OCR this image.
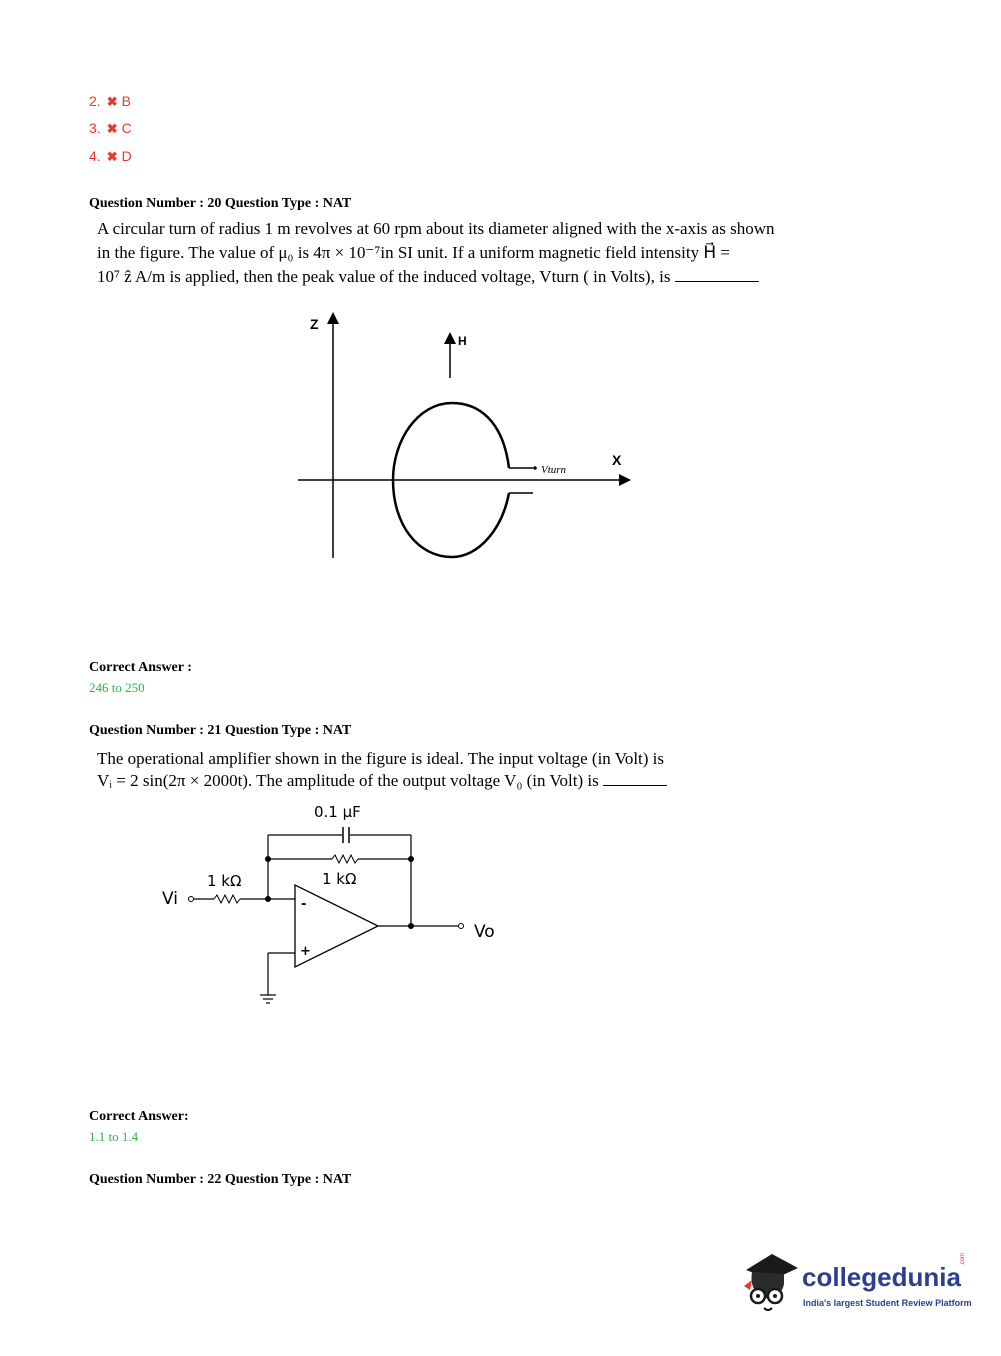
2. ✖ B
3. ✖ C
4. ✖ D
Question Number : 20 Question Type : NAT
A circular turn of radius 1 m revolves at 60 rpm about its diameter aligned with the x-axis as shown
in the figure. The value of μ₀ is 4π × 10⁻⁷in SI unit. If a uniform magnetic field intensity H⃗ =
10⁷ ẑ A/m is applied, then the peak value of the induced voltage, Vturn ( in Volts), is
Z
X
H
Vturn
Correct Answer :
246 to 250
Question Number : 21 Question Type : NAT
The operational amplifier shown in the figure is ideal. The input voltage (in Volt) is
Vᵢ = 2 sin(2π × 2000t). The amplitude of the output voltage V₀ (in Volt) is
0.1 μF
1 kΩ
Vi
1 kΩ
-
+
Vo
Correct Answer:
1.1 to 1.4
Question Number : 22 Question Type : NAT
collegedunia
.com
India's largest Student Review Platform
